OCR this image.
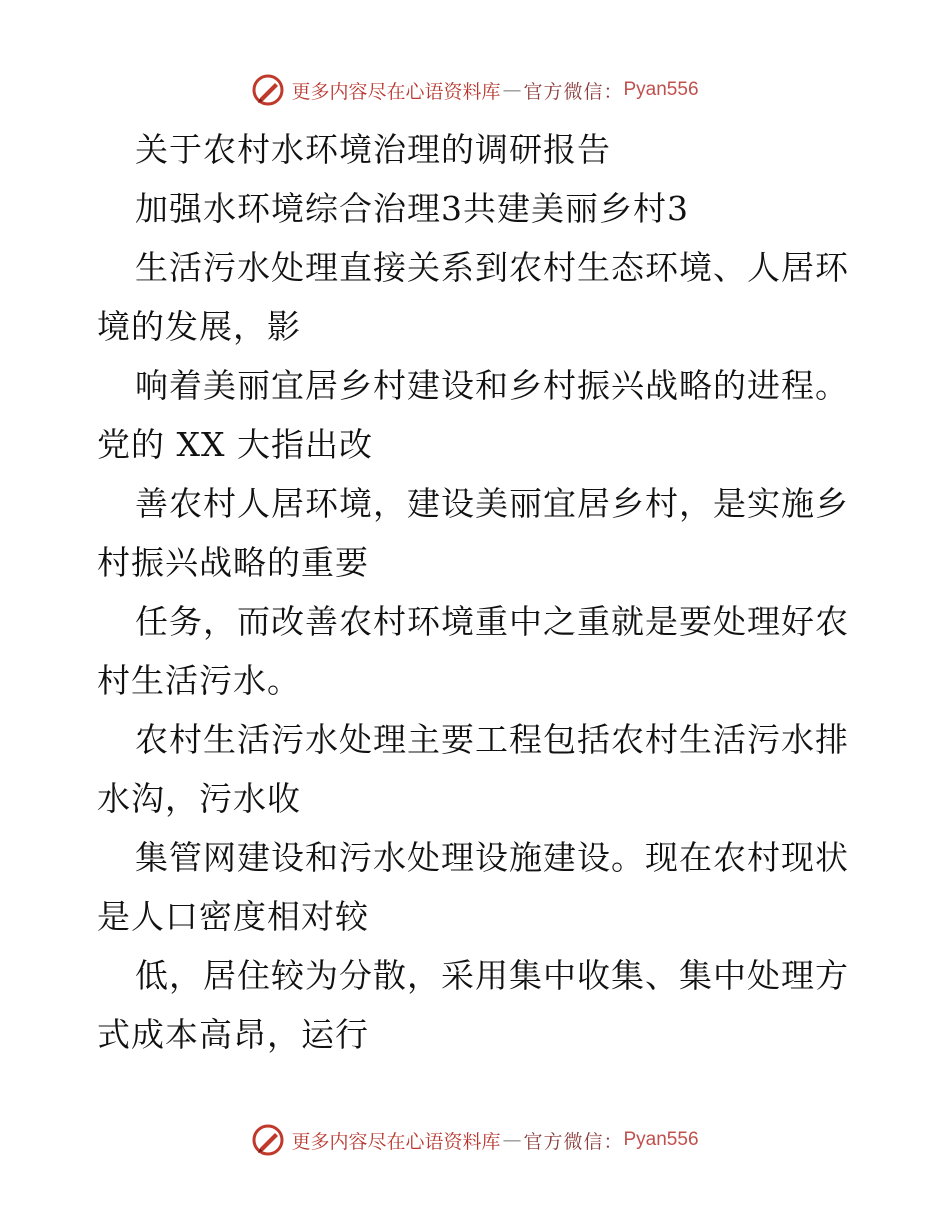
更多内容尽在心语资料库 — 官方微信： Pyan556
关于农村水环境治理的调研报告
加强水环境综合治理3共建美丽乡村3
生活污水处理直接关系到农村生态环境、人居环
境的发展，影
响着美丽宜居乡村建设和乡村振兴战略的进程。
党的 XX 大指出改
善农村人居环境，建设美丽宜居乡村，是实施乡
村振兴战略的重要
任务，而改善农村环境重中之重就是要处理好农
村生活污水。
农村生活污水处理主要工程包括农村生活污水排
水沟，污水收
集管网建设和污水处理设施建设。现在农村现状
是人口密度相对较
低，居住较为分散，采用集中收集、集中处理方
式成本高昂，运行
更多内容尽在心语资料库 — 官方微信： Pyan556
